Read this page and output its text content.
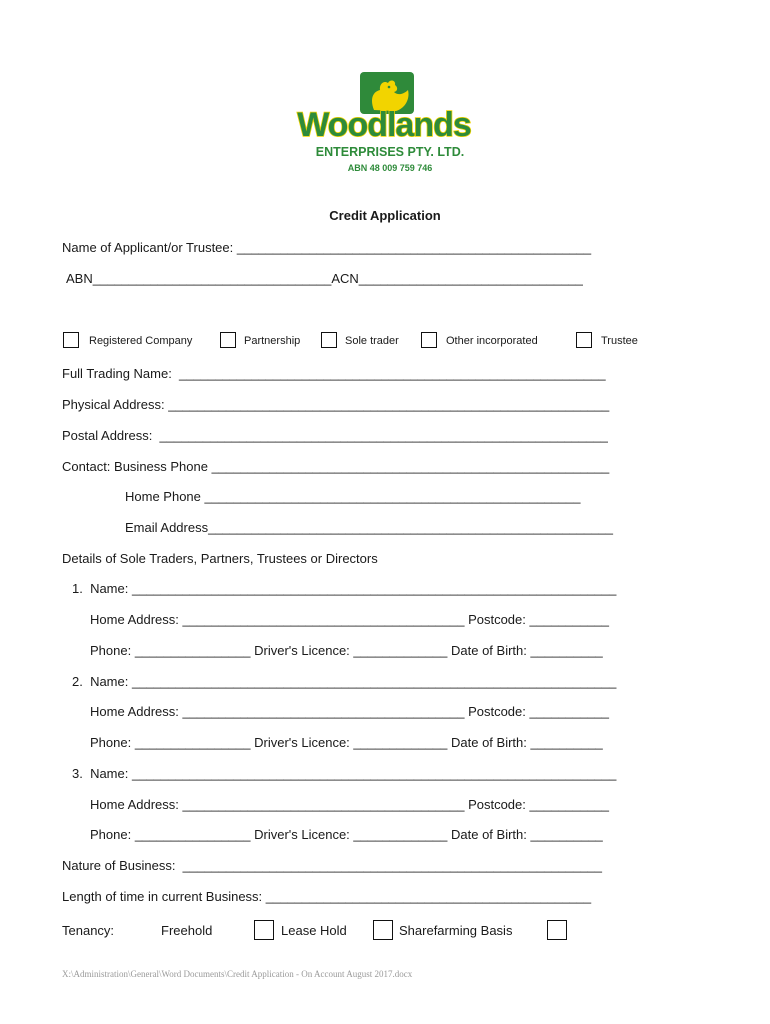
Woodlands
ENTERPRISES PTY. LTD.
ABN 48 009 759 746
Credit Application
Name of Applicant/or Trustee: _________________________________________________
ABN_________________________________ACN_______________________________
Registered Company	Partnership	Sole trader	Other incorporated	Trustee
Full Trading Name:  ___________________________________________________________
Physical Address: _____________________________________________________________
Postal Address:  ______________________________________________________________
Contact: Business Phone _______________________________________________________
Home Phone ____________________________________________________
Email Address________________________________________________________
Details of Sole Traders, Partners, Trustees or Directors
1.  Name: ___________________________________________________________________
Home Address: _______________________________________ Postcode: ___________
Phone: ________________ Driver's Licence: _____________ Date of Birth: __________
2.  Name: ___________________________________________________________________
Home Address: _______________________________________ Postcode: ___________
Phone: ________________ Driver's Licence: _____________ Date of Birth: __________
3.  Name: ___________________________________________________________________
Home Address: _______________________________________ Postcode: ___________
Phone: ________________ Driver's Licence: _____________ Date of Birth: __________
Nature of Business:  __________________________________________________________
Length of time in current Business: _____________________________________________
Tenancy:	Freehold	Lease Hold	Sharefarming Basis
X:\Administration\General\Word Documents\Credit Application - On Account August 2017.docx
